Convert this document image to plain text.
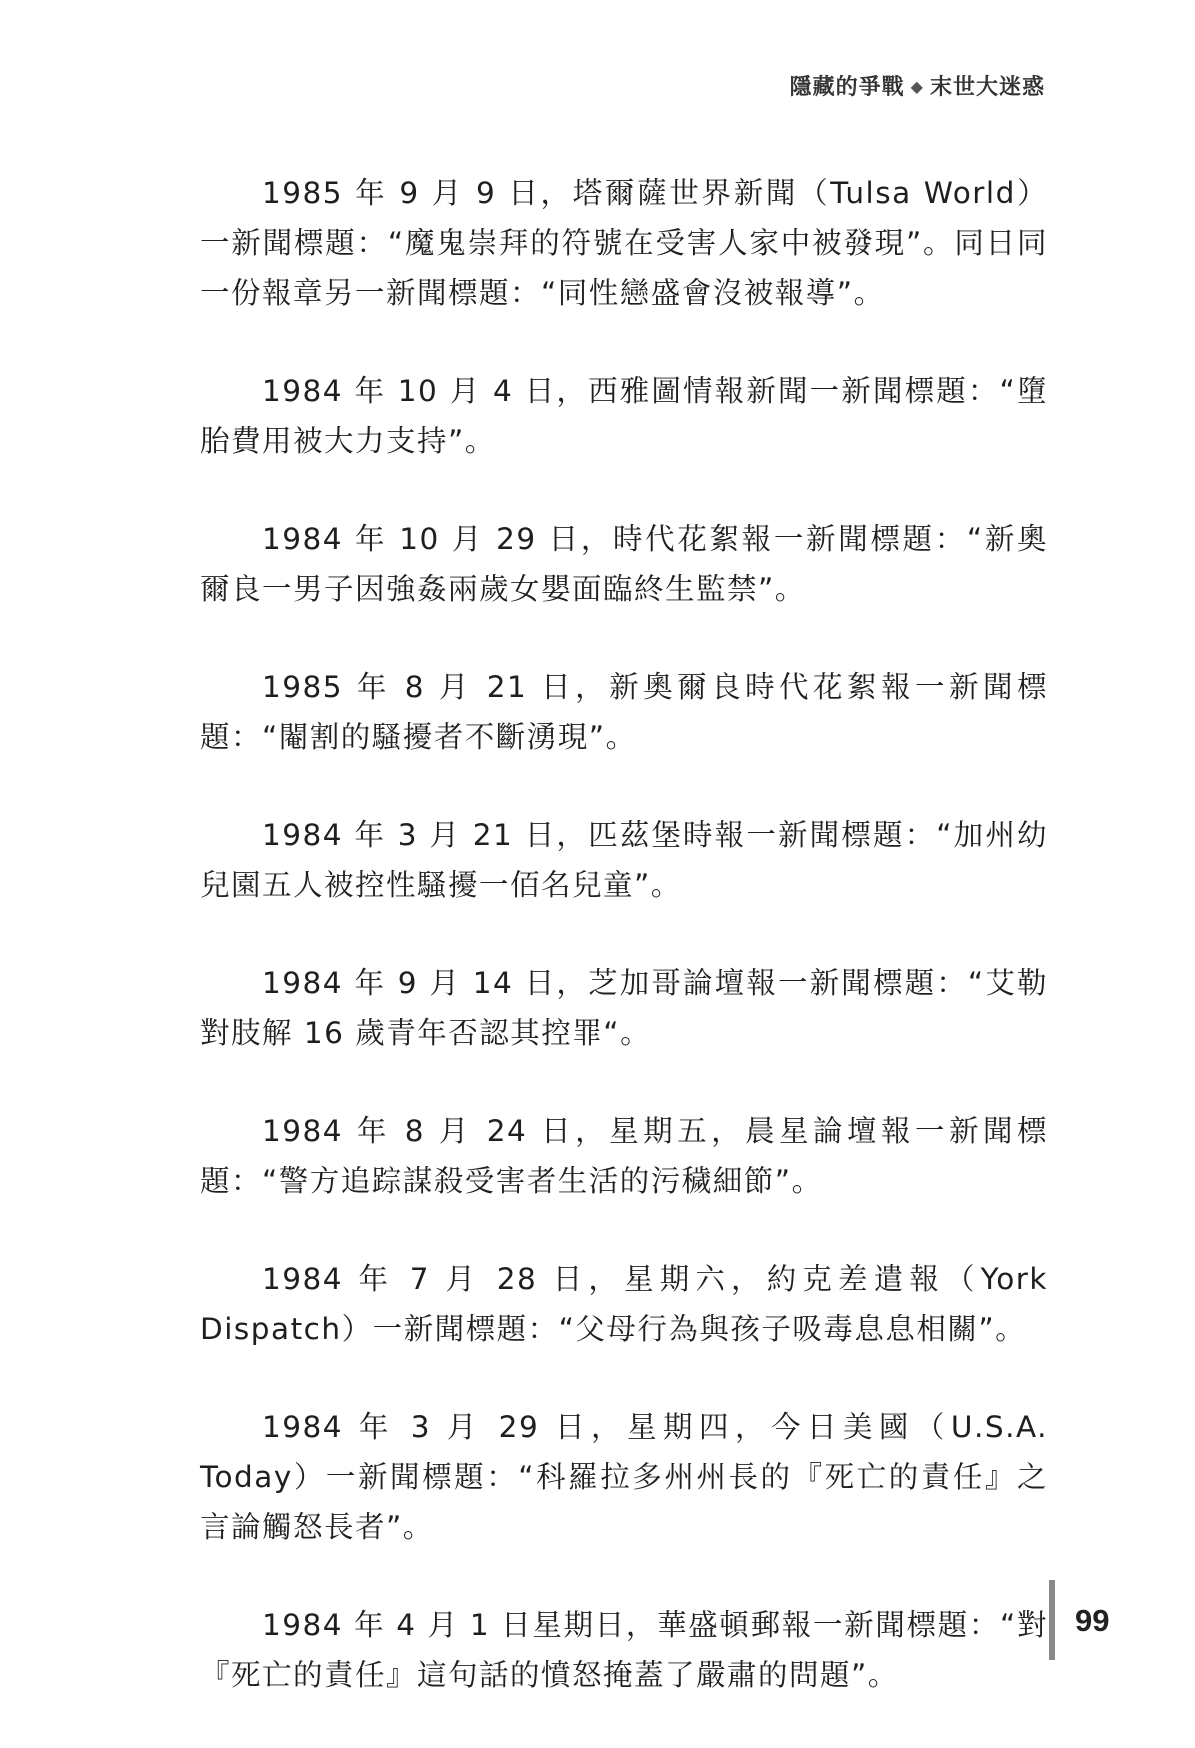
隱藏的爭戰 ◆ 末世大迷惑

1985 年 9 月 9 日，塔爾薩世界新聞（Tulsa World）一新聞標題：“魔鬼崇拜的符號在受害人家中被發現”。同日同一份報章另一新聞標題：“同性戀盛會沒被報導”。

1984 年 10 月 4 日，西雅圖情報新聞一新聞標題：“墮胎費用被大力支持”。

1984 年 10 月 29 日，時代花絮報一新聞標題：“新奧爾良一男子因強姦兩歲女嬰面臨終生監禁”。

1985 年 8 月 21 日，新奧爾良時代花絮報一新聞標題：“閹割的騷擾者不斷湧現”。

1984 年 3 月 21 日，匹茲堡時報一新聞標題：“加州幼兒園五人被控性騷擾一佰名兒童”。

1984 年 9 月 14 日，芝加哥論壇報一新聞標題：“艾勒對肢解 16 歲青年否認其控罪“。

1984 年 8 月 24 日，星期五，晨星論壇報一新聞標題：“警方追踪謀殺受害者生活的污穢細節”。

1984 年 7 月 28 日，星期六，約克差遣報（York Dispatch）一新聞標題：“父母行為與孩子吸毒息息相關”。

1984 年 3 月 29 日，星期四，今日美國（U.S.A. Today）一新聞標題：“科羅拉多州州長的『死亡的責任』之言論觸怒長者”。

1984 年 4 月 1 日星期日，華盛頓郵報一新聞標題：“對『死亡的責任』這句話的憤怒掩蓋了嚴肅的問題”。

99
